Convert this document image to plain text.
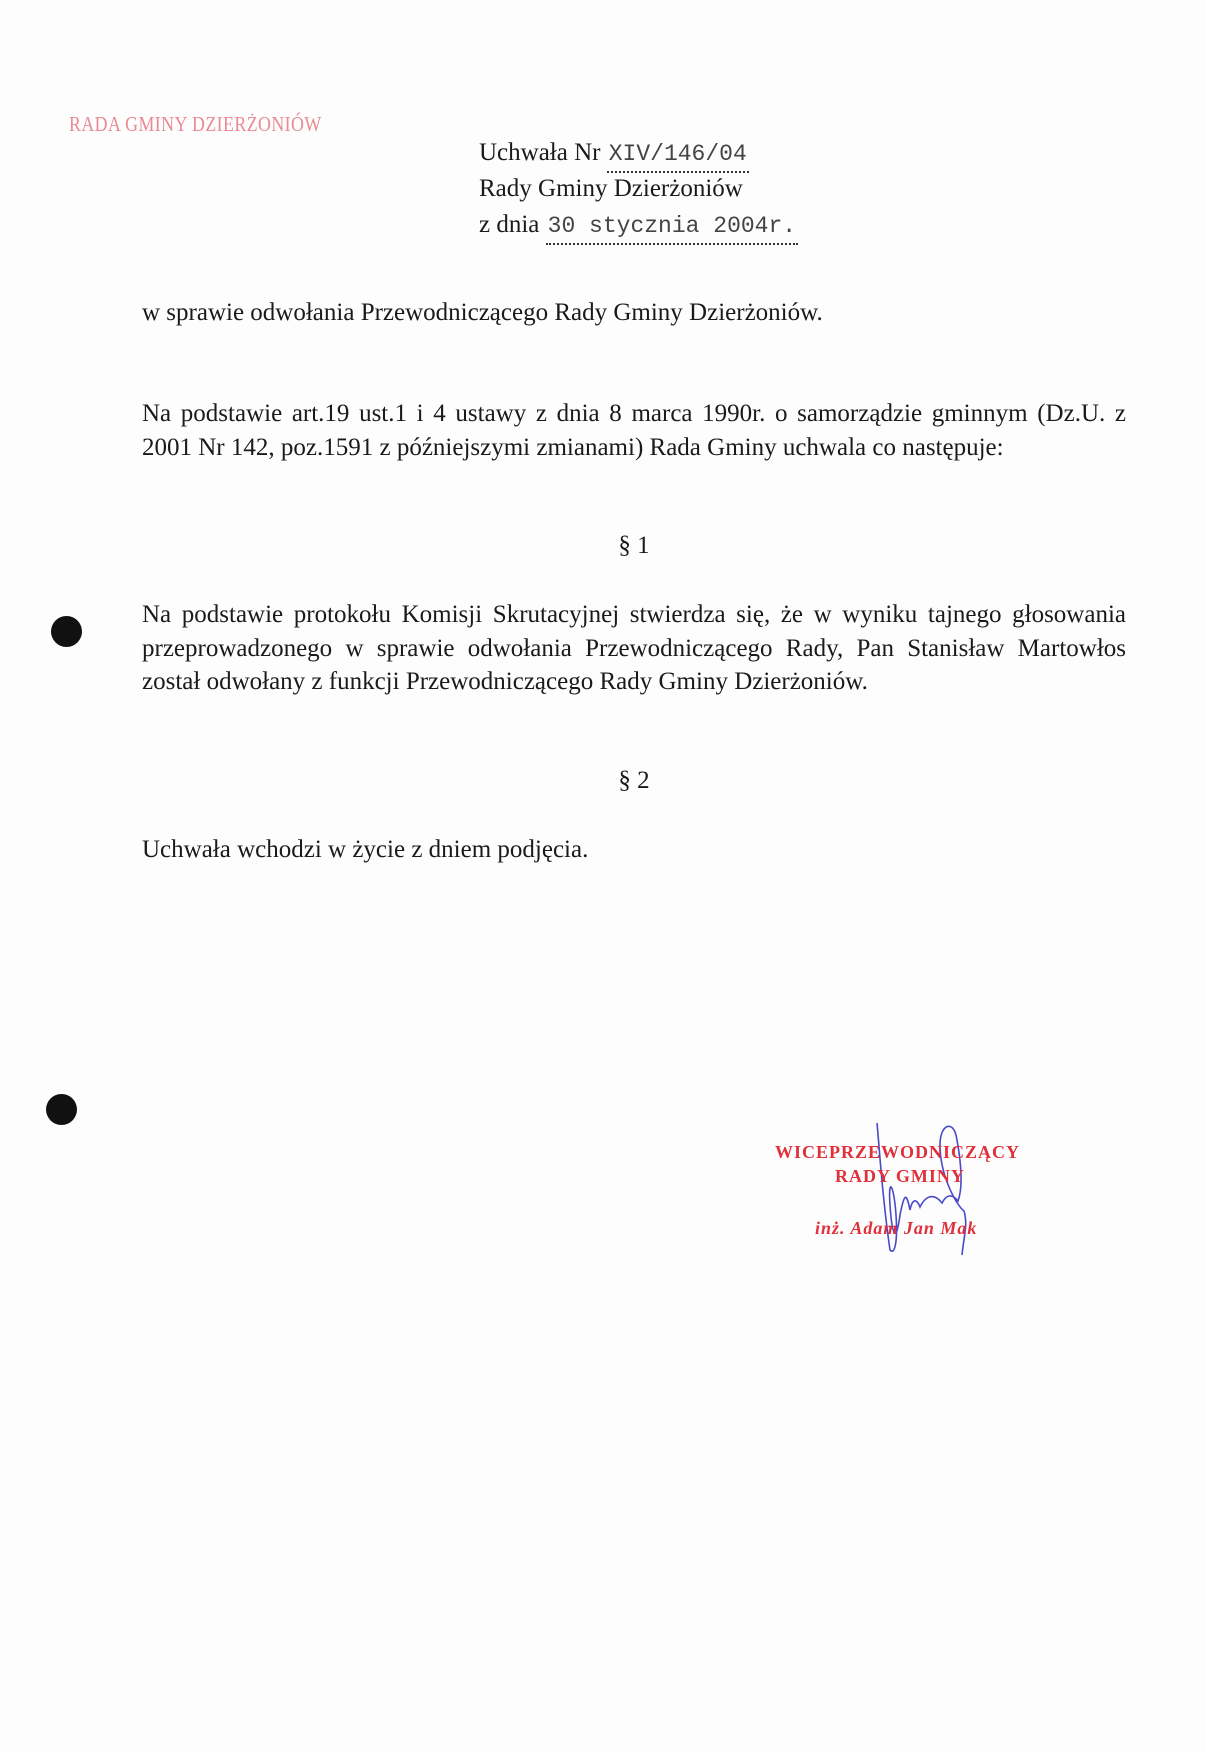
RADA GMINY DZIERŻONIÓW
Uchwała Nr XIV/146/04
Rady Gminy Dzierżoniów
z dnia 30 stycznia 2004r.
w sprawie odwołania Przewodniczącego Rady Gminy Dzierżoniów.
Na podstawie art.19 ust.1 i 4 ustawy z dnia 8 marca 1990r. o samorządzie gminnym (Dz.U. z 2001 Nr 142, poz.1591 z późniejszymi zmianami) Rada Gminy uchwala co następuje:
§ 1
Na podstawie protokołu Komisji Skrutacyjnej stwierdza się, że w wyniku tajnego głosowania przeprowadzonego w sprawie odwołania Przewodniczącego Rady, Pan Stanisław Martowłos został odwołany z funkcji Przewodniczącego Rady Gminy Dzierżoniów.
§ 2
Uchwała wchodzi w życie z dniem podjęcia.
WICEPRZEWODNICZĄCY
RADY GMINY
inż. Adam Jan Mak
